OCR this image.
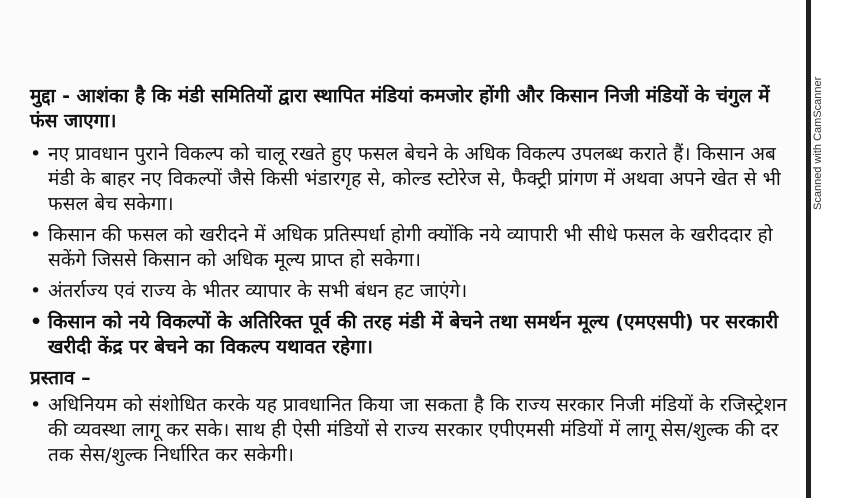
मुद्दा - आशंका है कि मंडी समितियों द्वारा स्थापित मंडियां कमजोर होंगी और किसान निजी मंडियों के चंगुल में फंस जाएगा।
• नए प्रावधान पुराने विकल्प को चालू रखते हुए फसल बेचने के अधिक विकल्प उपलब्ध कराते हैं। किसान अब मंडी के बाहर नए विकल्पों जैसे किसी भंडारगृह से, कोल्ड स्टोरेज से, फैक्ट्री प्रांगण में अथवा अपने खेत से भी फसल बेच सकेगा।
• किसान की फसल को खरीदने में अधिक प्रतिस्पर्धा होगी क्योंकि नये व्यापारी भी सीधे फसल के खरीददार हो सकेंगे जिससे किसान को अधिक मूल्य प्राप्त हो सकेगा।
• अंतर्राज्य एवं राज्य के भीतर व्यापार के सभी बंधन हट जाएंगे।
• किसान को नये विकल्पों के अतिरिक्त पूर्व की तरह मंडी में बेचने तथा समर्थन मूल्य (एमएसपी) पर सरकारी खरीदी केंद्र पर बेचने का विकल्प यथावत रहेगा।
प्रस्ताव –
• अधिनियम को संशोधित करके यह प्रावधानित किया जा सकता है कि राज्य सरकार निजी मंडियों के रजिस्ट्रेशन की व्यवस्था लागू कर सके। साथ ही ऐसी मंडियों से राज्य सरकार एपीएमसी मंडियों में लागू सेस/शुल्क की दर तक सेस/शुल्क निर्धारित कर सकेगी।
Scanned with CamScanner
